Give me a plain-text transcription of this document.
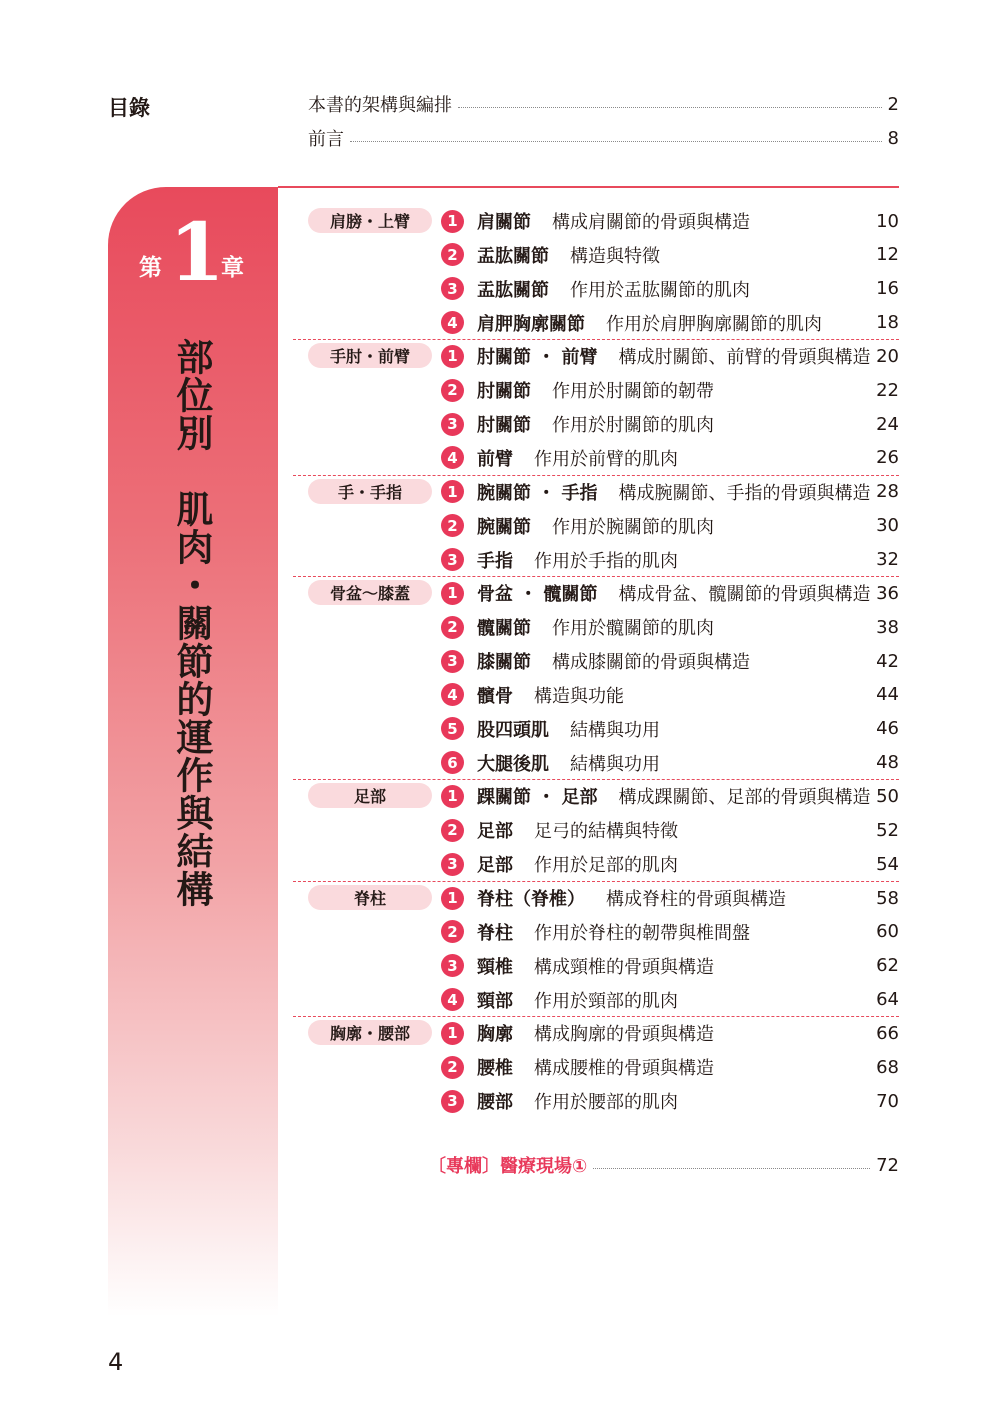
目錄	本書的架構與編排	2
前言	8
第 1
章
部位別　肌肉・關節的運作與結構
肩膀・上臂	1	肩關節 構成肩關節的骨頭與構造	10
2	盂肱關節 構造與特徵	12
3	盂肱關節 作用於盂肱關節的肌肉	16
4	肩胛胸廓關節 作用於肩胛胸廓關節的肌肉	18
手肘・前臂	1	肘關節 ・ 前臂 構成肘關節、前臂的骨頭與構造 20
2	肘關節 作用於肘關節的韌帶	22
3	肘關節 作用於肘關節的肌肉	24
4	前臂 作用於前臂的肌肉	26
手・手指	1	腕關節 ・ 手指 構成腕關節、手指的骨頭與構造 28
2	腕關節 作用於腕關節的肌肉	30
3	手指 作用於手指的肌肉	32
骨盆～膝蓋	1	骨盆 ・ 髖關節 構成骨盆、髖關節的骨頭與構造 36
2	髖關節 作用於髖關節的肌肉	38
3	膝關節 構成膝關節的骨頭與構造	42
4	髕骨 構造與功能	44
5	股四頭肌 結構與功用	46
6	大腿後肌 結構與功用	48
足部	1	踝關節 ・ 足部 構成踝關節、足部的骨頭與構造 50
2	足部 足弓的結構與特徵	52
3	足部 作用於足部的肌肉	54
脊柱	1	脊柱（脊椎） 構成脊柱的骨頭與構造	58
2	脊柱 作用於脊柱的韌帶與椎間盤	60
3	頸椎 構成頸椎的骨頭與構造	62
4	頸部 作用於頸部的肌肉	64
胸廓・腰部	1	胸廓 構成胸廓的骨頭與構造	66
2	腰椎 構成腰椎的骨頭與構造	68
3	腰部 作用於腰部的肌肉	70
〔專欄〕醫療現場①	72
4
